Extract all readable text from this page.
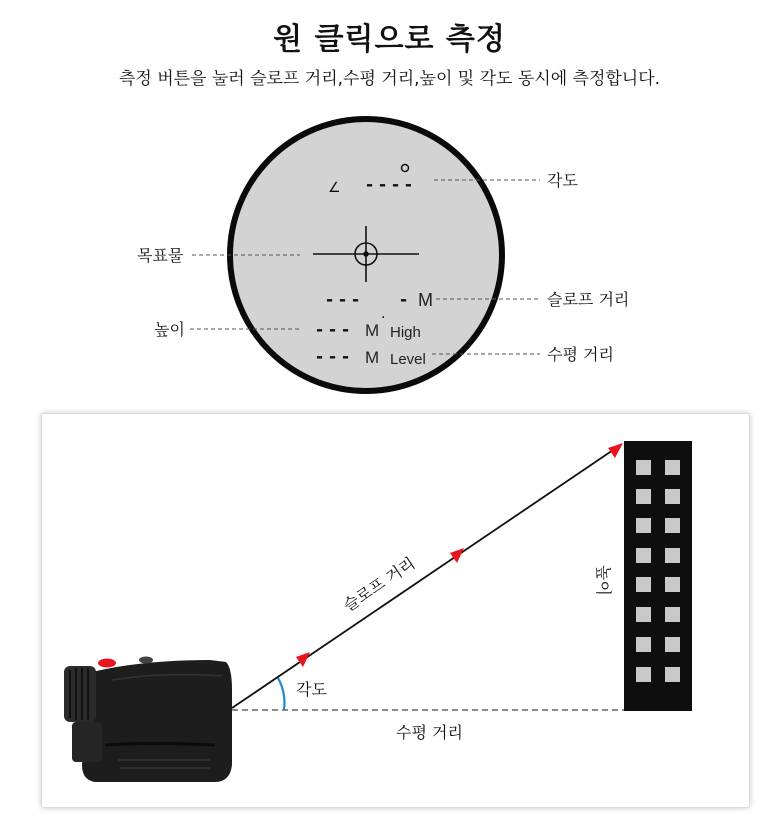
원 클릭으로 측정
측정 버튼을 눌러 슬로프 거리,수평 거리,높이 및 각도 동시에 측정합니다.
∠ - - - -
- - -
.
- M
- - - M High
- - - M Level
각도
목표물
슬로프 거리
높이
수평 거리
슬로프 거리
각도
수평 거리
높이
